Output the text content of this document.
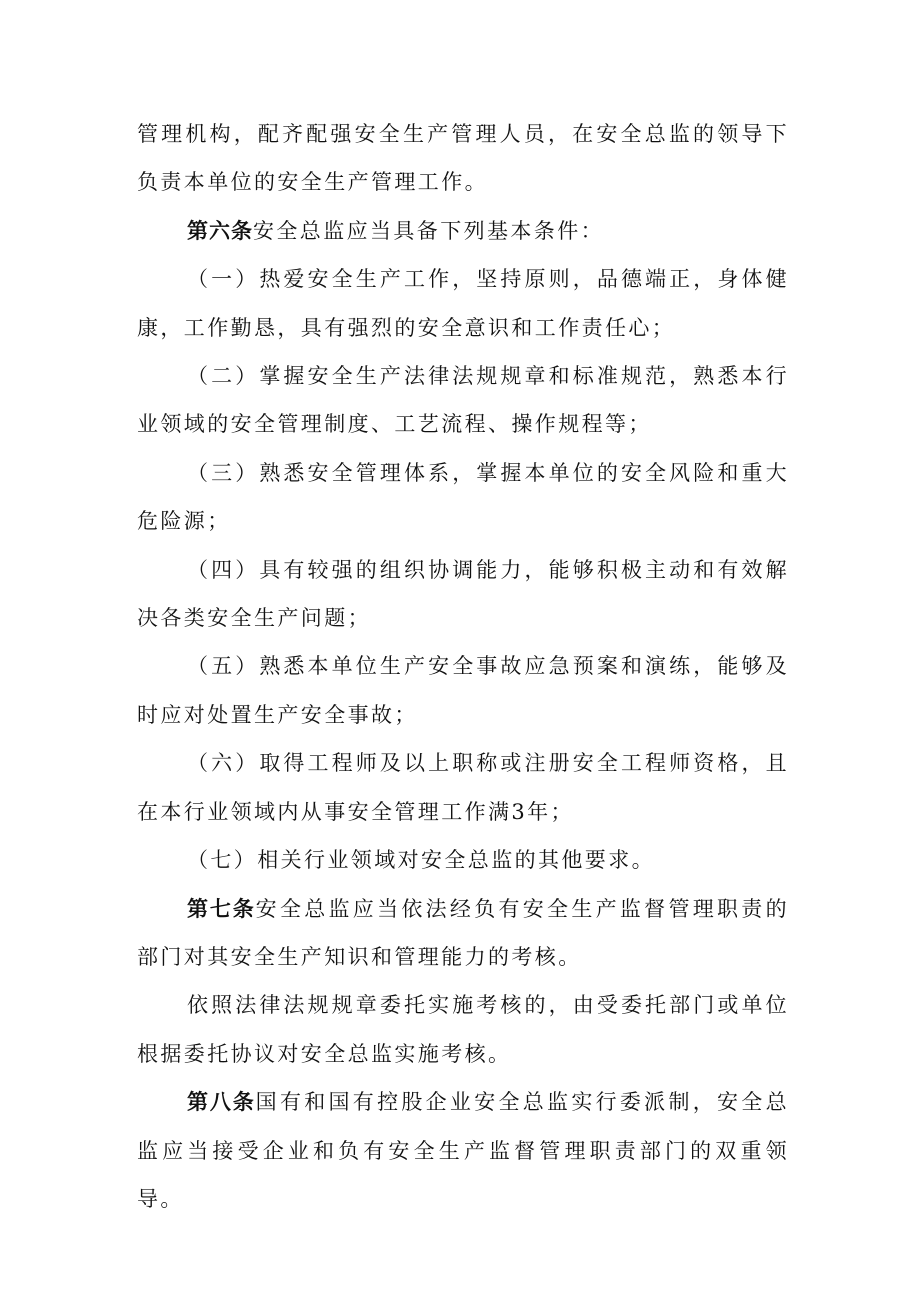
管理机构，配齐配强安全生产管理人员，在安全总监的领导下负责本单位的安全生产管理工作。

第六条安全总监应当具备下列基本条件：

（一）热爱安全生产工作，坚持原则，品德端正，身体健康，工作勤恳，具有强烈的安全意识和工作责任心；

（二）掌握安全生产法律法规规章和标准规范，熟悉本行业领域的安全管理制度、工艺流程、操作规程等；

（三）熟悉安全管理体系，掌握本单位的安全风险和重大危险源；

（四）具有较强的组织协调能力，能够积极主动和有效解决各类安全生产问题；

（五）熟悉本单位生产安全事故应急预案和演练，能够及时应对处置生产安全事故；

（六）取得工程师及以上职称或注册安全工程师资格，且在本行业领域内从事安全管理工作满3年；

（七）相关行业领域对安全总监的其他要求。

第七条安全总监应当依法经负有安全生产监督管理职责的部门对其安全生产知识和管理能力的考核。

依照法律法规规章委托实施考核的，由受委托部门或单位根据委托协议对安全总监实施考核。

第八条国有和国有控股企业安全总监实行委派制，安全总监应当接受企业和负有安全生产监督管理职责部门的双重领导。
